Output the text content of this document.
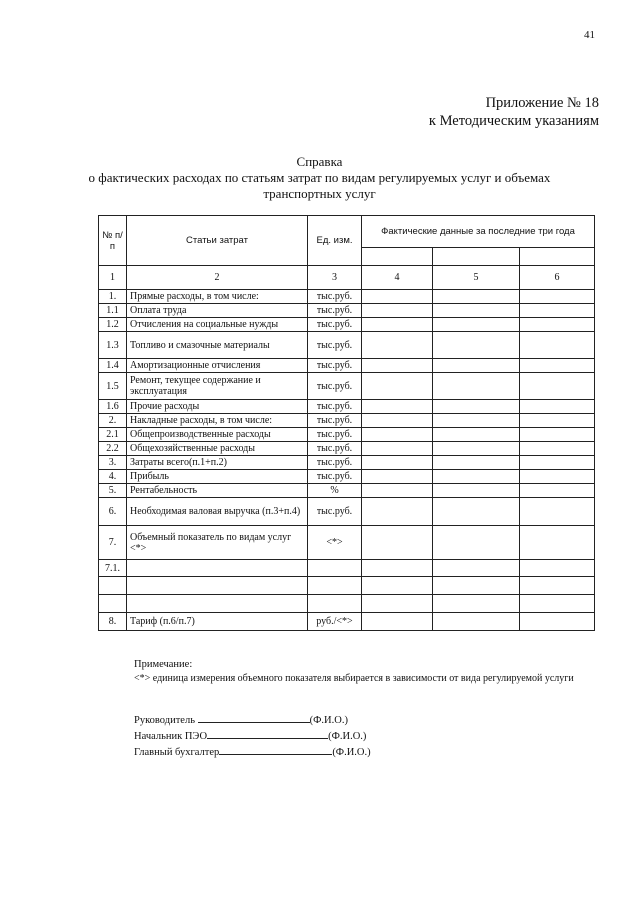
41
Приложение № 18
к Методическим указаниям
Справка
о фактических расходах по статьям затрат по видам регулируемых услуг и объемах
транспортных услуг
№ п/п	Статьи затрат	Ед. изм.	Фактические данные за последние три года		

1	2	3	4	5	6
1.	Прямые расходы, в том числе:	тыс.руб.			
1.1	Оплата труда	тыс.руб.			
1.2	Отчисления на социальные нужды	тыс.руб.			
1.3	Топливо и смазочные материалы	тыс.руб.			
1.4	Амортизационные отчисления	тыс.руб.			
1.5	Ремонт, текущее содержание и эксплуатация	тыс.руб.			
1.6	Прочие расходы	тыс.руб.			
2.	Накладные расходы, в том числе:	тыс.руб.			
2.1	Общепроизводственные расходы	тыс.руб.			
2.2	Общехозяйственные расходы	тыс.руб.			
3.	Затраты всего(п.1+п.2)	тыс.руб.			
4.	Прибыль	тыс.руб.			
5.	Рентабельность	%			
6.	Необходимая валовая выручка (п.3+п.4)	тыс.руб.			
7.	Объемный показатель по видам услуг <*>	<*>			
7.1.					

8.	Тариф (п.6/п.7)	руб./<*>			
Примечание:
<*> единица измерения объемного показателя выбирается в зависимости от вида регулируемой услуги
Руководитель	(Ф.И.О.)
Начальник ПЭО	(Ф.И.О.)
Главный бухгалтер	(Ф.И.О.)
